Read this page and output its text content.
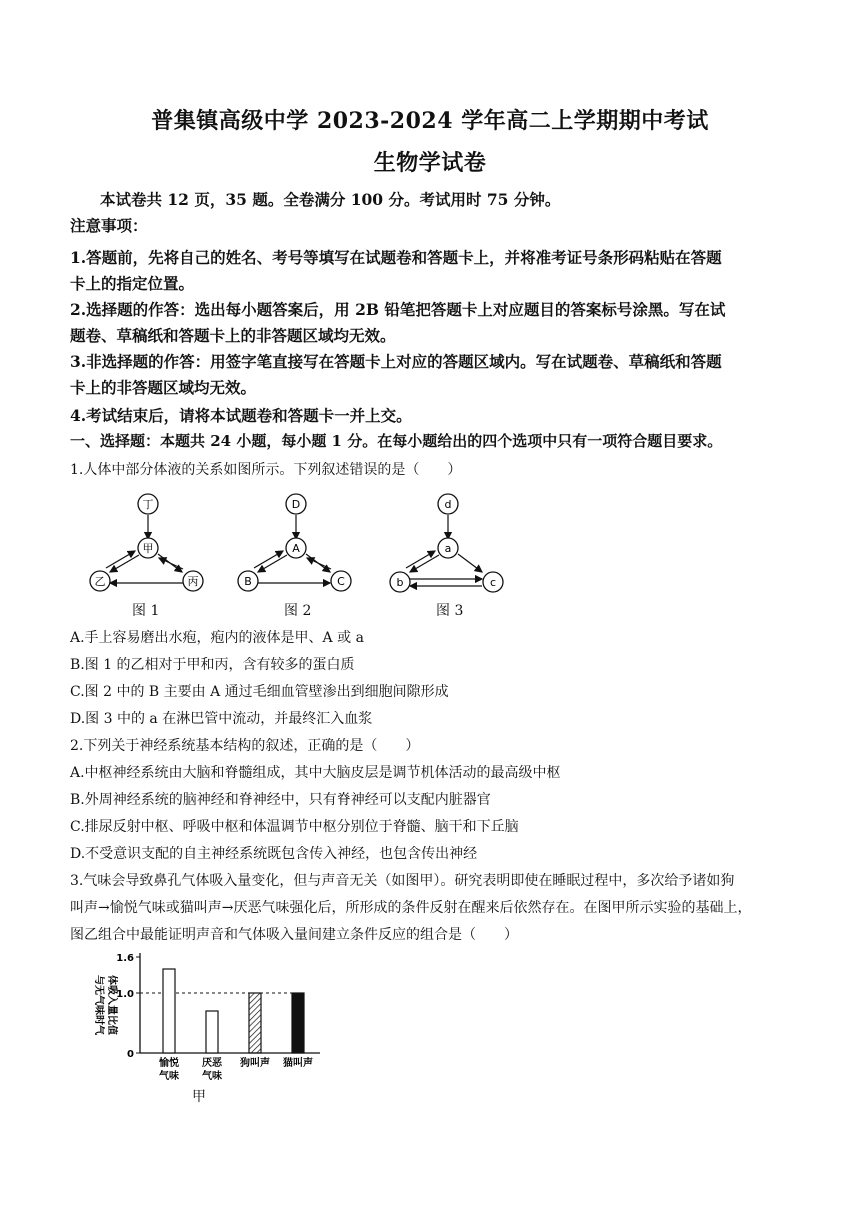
普集镇高级中学 2023-2024 学年高二上学期期中考试
生物学试卷
本试卷共 12 页，35 题。全卷满分 100 分。考试用时 75 分钟。
注意事项：
1.答题前，先将自己的姓名、考号等填写在试题卷和答题卡上，并将准考证号条形码粘贴在答题
卡上的指定位置。
2.选择题的作答：选出每小题答案后，用 2B 铅笔把答题卡上对应题目的答案标号涂黑。写在试
题卷、草稿纸和答题卡上的非答题区域均无效。
3.非选择题的作答：用签字笔直接写在答题卡上对应的答题区域内。写在试题卷、草稿纸和答题
卡上的非答题区域均无效。
4.考试结束后，请将本试题卷和答题卡一并上交。
一、选择题：本题共 24 小题，每小题 1 分。在每小题给出的四个选项中只有一项符合题目要求。
1.人体中部分体液的关系如图所示。下列叙述错误的是（　　）
丁
甲
乙	丙
D
A
B	C
d
a
b	c
图 1	图 2	图 3
A.手上容易磨出水疱，疱内的液体是甲、A 或 a
B.图 1 的乙相对于甲和丙，含有较多的蛋白质
C.图 2 中的 B 主要由 A 通过毛细血管壁渗出到细胞间隙形成
D.图 3 中的 a 在淋巴管中流动，并最终汇入血浆
2.下列关于神经系统基本结构的叙述，正确的是（　　）
A.中枢神经系统由大脑和脊髓组成，其中大脑皮层是调节机体活动的最高级中枢
B.外周神经系统的脑神经和脊神经中，只有脊神经可以支配内脏器官
C.排尿反射中枢、呼吸中枢和体温调节中枢分别位于脊髓、脑干和下丘脑
D.不受意识支配的自主神经系统既包含传入神经，也包含传出神经
3.气味会导致鼻孔气体吸入量变化，但与声音无关（如图甲）。研究表明即使在睡眠过程中，多次给予诸如狗
叫声→愉悦气味或猫叫声→厌恶气味强化后，所形成的条件反射在醒来后依然存在。在图甲所示实验的基础上，
图乙组合中最能证明声音和气体吸入量间建立条件反应的组合是（　　）
与无气味时气 体吸入量比值
0
1.0
1.6
愉悦
气味
厌恶
气味
狗叫声 猫叫声
甲
